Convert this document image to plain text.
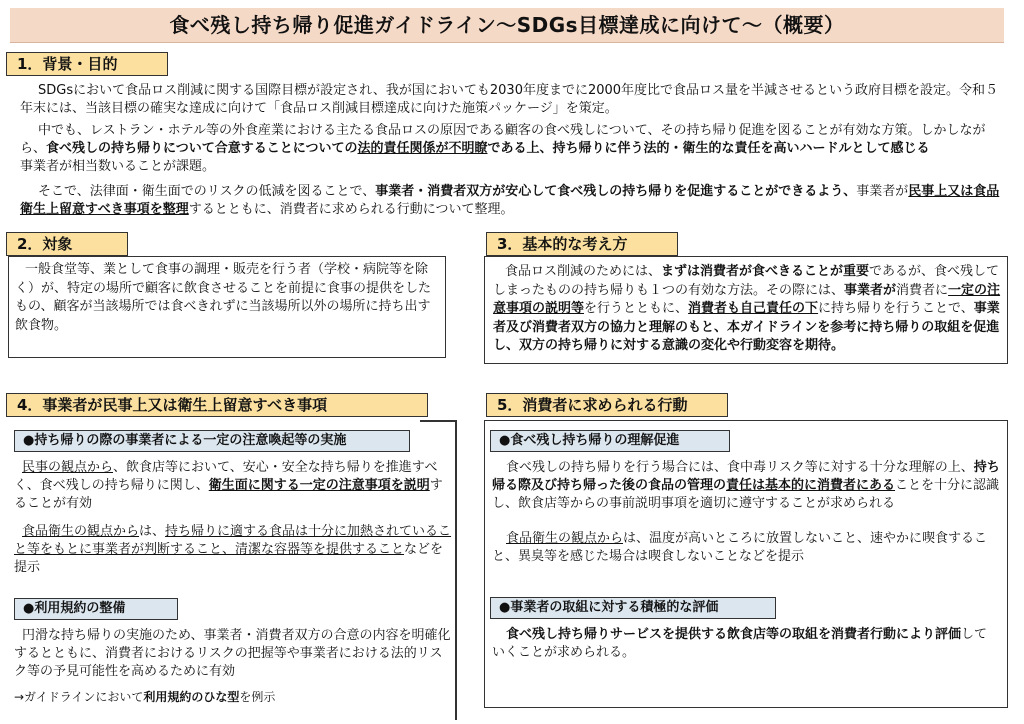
食べ残し持ち帰り促進ガイドライン～SDGs目標達成に向けて～（概要）
1．背景・目的

SDGsにおいて食品ロス削減に関する国際目標が設定され、我が国においても2030年度までに2000年度比で食品ロス量を半減させるという政府目標を設定。令和５年末には、当該目標の確実な達成に向けて「食品ロス削減目標達成に向けた施策パッケージ」を策定。

中でも、レストラン・ホテル等の外食産業における主たる食品ロスの原因である顧客の食べ残しについて、その持ち帰り促進を図ることが有効な方策。しかしながら、食べ残しの持ち帰りについて合意することについての法的責任関係が不明瞭である上、持ち帰りに伴う法的・衛生的な責任を高いハードルとして感じる
事業者が相当数いることが課題。

そこで、法律面・衛生面でのリスクの低減を図ることで、事業者・消費者双方が安心して食べ残しの持ち帰りを促進することができるよう、事業者が民事上又は食品衛生上留意すべき事項を整理するとともに、消費者に求められる行動について整理。

一般食堂等、業として食事の調理・販売を行う者（学校・病院等を除く）が、特定の場所で顧客に飲食させることを前提に食事の提供をしたもの、顧客が当該場所では食べきれずに当該場所以外の場所に持ち出す飲食物。

2．対象

食品ロス削減のためには、まずは消費者が食べきることが重要であるが、食べ残してしまったものの持ち帰りも１つの有効な方法。その際には、事業者が消費者に一定の注意事項の説明等を行うとともに、消費者も自己責任の下に持ち帰りを行うことで、事業者及び消費者双方の協力と理解のもと、本ガイドラインを参考に持ち帰りの取組を促進し、双方の持ち帰りに対する意識の変化や行動変容を期待。

3．基本的な考え方
4．事業者が民事上又は衛生上留意すべき事項
●持ち帰りの際の事業者による一定の注意喚起等の実施

民事の観点から、飲食店等において、安心・安全な持ち帰りを推進すべく、食べ残しの持ち帰りに関し、衛生面に関する一定の注意事項を説明することが有効

食品衛生の観点からは、持ち帰りに適する食品は十分に加熱されていること等をもとに事業者が判断すること、清潔な容器等を提供することなどを提示

●利用規約の整備

円滑な持ち帰りの実施のため、事業者・消費者双方の合意の内容を明確化するとともに、消費者におけるリスクの把握等や事業者における法的リスク等の予見可能性を高めるために有効

→ガイドラインにおいて利用規約のひな型を例示

5．消費者に求められる行動
●食べ残し持ち帰りの理解促進

食べ残しの持ち帰りを行う場合には、食中毒リスク等に対する十分な理解の上、持ち帰る際及び持ち帰った後の食品の管理の責任は基本的に消費者にあることを十分に認識し、飲食店等からの事前説明事項を適切に遵守することが求められる

食品衛生の観点からは、温度が高いところに放置しないこと、速やかに喫食すること、異臭等を感じた場合は喫食しないことなどを提示

●事業者の取組に対する積極的な評価

食べ残し持ち帰りサービスを提供する飲食店等の取組を消費者行動により評価していくことが求められる。
